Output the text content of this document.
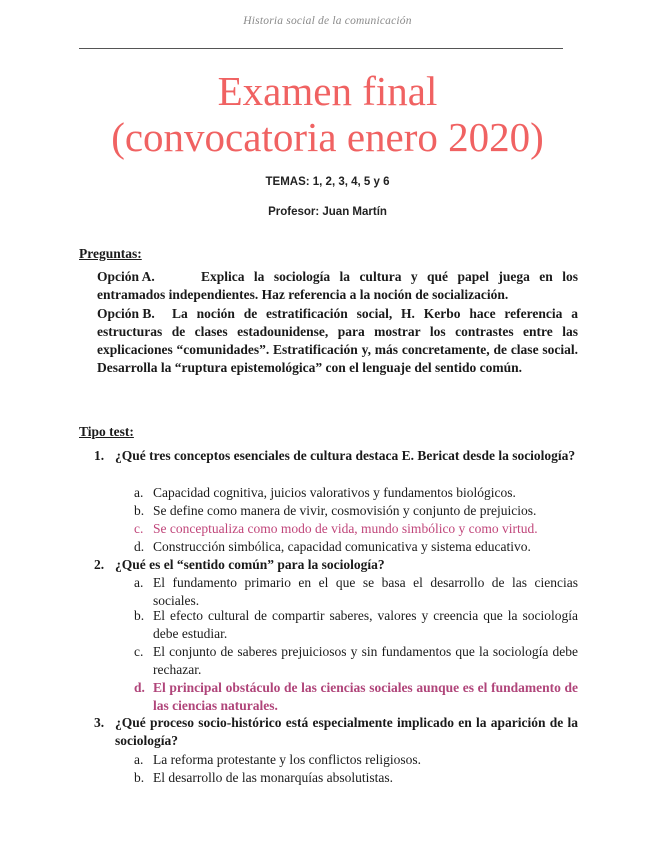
Historia social de la comunicación
Examen final
(convocatoria enero 2020)
TEMAS: 1, 2, 3, 4, 5 y 6
Profesor: Juan Martín
Preguntas:
Opción A.	Explica la sociología la cultura y qué papel juega en los entramados independientes. Haz referencia a la noción de socialización.
Opción B. La noción de estratificación social, H. Kerbo hace referencia a estructuras de clases estadounidense, para mostrar los contrastes entre las explicaciones “comunidades”. Estratificación y, más concretamente, de clase social. Desarrolla la “ruptura epistemológica” con el lenguaje del sentido común.
Tipo test:
1. ¿Qué tres conceptos esenciales de cultura destaca E. Bericat desde la sociología?
a. Capacidad cognitiva, juicios valorativos y fundamentos biológicos.
b. Se define como manera de vivir, cosmovisión y conjunto de prejuicios.
c. Se conceptualiza como modo de vida, mundo simbólico y como virtud.
d. Construcción simbólica, capacidad comunicativa y sistema educativo.
2. ¿Qué es el “sentido común” para la sociología?
a. El fundamento primario en el que se basa el desarrollo de las ciencias sociales.
b. El efecto cultural de compartir saberes, valores y creencia que la sociología debe estudiar.
c. El conjunto de saberes prejuiciosos y sin fundamentos que la sociología debe rechazar.
d. El principal obstáculo de las ciencias sociales aunque es el fundamento de las ciencias naturales.
3. ¿Qué proceso socio-histórico está especialmente implicado en la aparición de la sociología?
a. La reforma protestante y los conflictos religiosos.
b. El desarrollo de las monarquías absolutistas.
